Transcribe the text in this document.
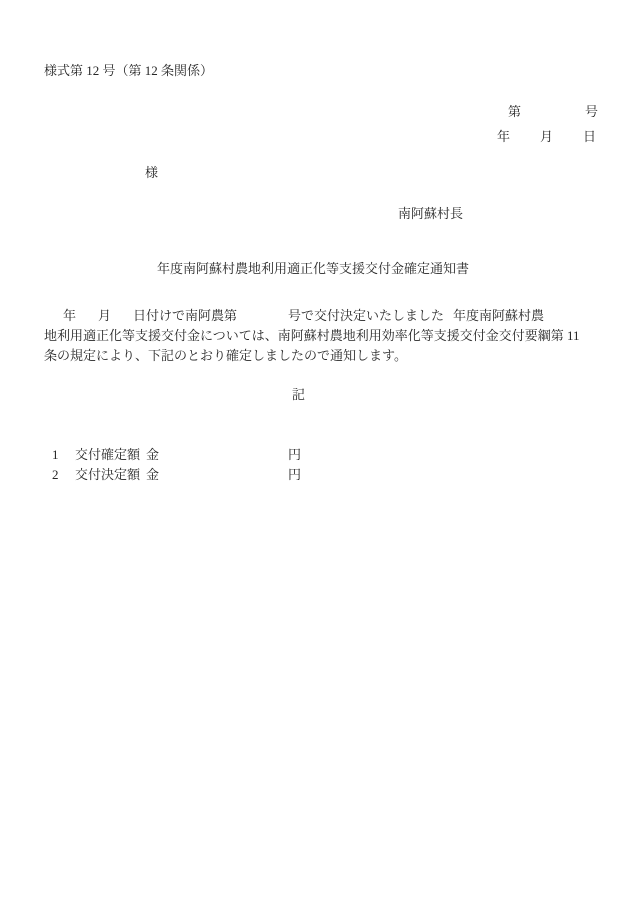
様式第 12 号（第 12 条関係）
第	号
年 月 日
様
南阿蘇村長
年度南阿蘇村農地利用適正化等支援交付金確定通知書
年 月 日付けで南阿農第	号で交付決定いたしました 年度南阿蘇村農
地利用適正化等支援交付金については、南阿蘇村農地利用効率化等支援交付金交付要綱第 11
条の規定により、下記のとおり確定しましたので通知します。
記
1 交付確定額 金	円
2 交付決定額 金	円
